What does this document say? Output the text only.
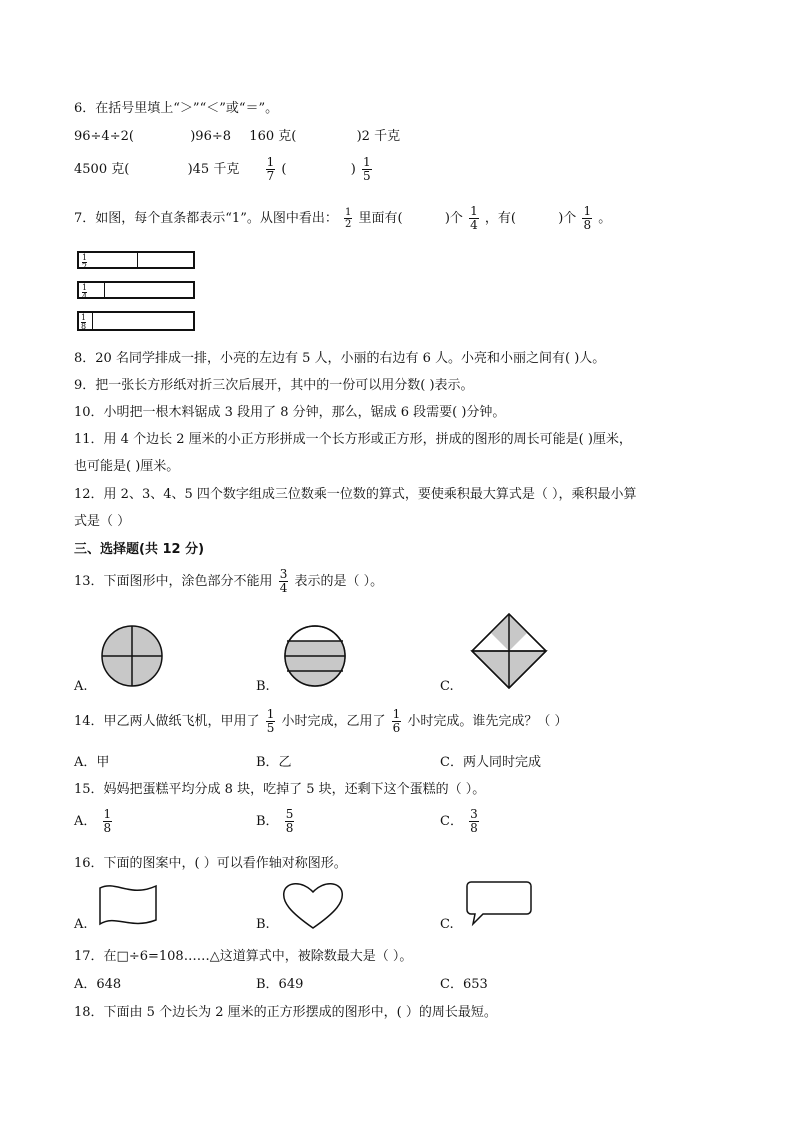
6．在括号里填上“＞”“＜”或“＝”。
96÷4÷2(	)96÷8 160 克(	)2 千克
4500 克(	)45 千克 $\frac{1}{7}$ (	) $\frac{1}{5}$
7．如图，每个直条都表示“1”。从图中看出： $\frac{1}{2}$ 里面有(	)个 $\frac{1}{4}$ ，有(	)个 $\frac{1}{8}$ 。
1
2
1
4
1
8
8．20 名同学排成一排，小亮的左边有 5 人，小丽的右边有 6 人。小亮和小丽之间有( )人。
9．把一张长方形纸对折三次后展开，其中的一份可以用分数( )表示。
10．小明把一根木料锯成 3 段用了 8 分钟，那么，锯成 6 段需要( )分钟。
11．用 4 个边长 2 厘米的小正方形拼成一个长方形或正方形，拼成的图形的周长可能是( )厘米，
也可能是( )厘米。
12．用 2、3、4、5 四个数字组成三位数乘一位数的算式，要使乘积最大算式是（ ），乘积最小算
式是（ ）
三、选择题(共 12 分)
13．下面图形中，涂色部分不能用 $\frac{3}{4}$ 表示的是（ ）。
A.	B.	C.
14．甲乙两人做纸飞机，甲用了 $\frac{1}{5}$ 小时完成，乙用了 $\frac{1}{6}$ 小时完成。谁先完成？（ ）
A．甲	B．乙	C．两人同时完成
15．妈妈把蛋糕平均分成 8 块，吃掉了 5 块，还剩下这个蛋糕的（ ）。
A． $\frac{1}{8}$	B． $\frac{5}{8}$	C． $\frac{3}{8}$
16．下面的图案中，( ）可以看作轴对称图形。
A.	B.	C.
17．在□÷6=108……△这道算式中，被除数最大是（ ）。
A．648	B．649	C．653
18．下面由 5 个边长为 2 厘米的正方形摆成的图形中，( ）的周长最短。
